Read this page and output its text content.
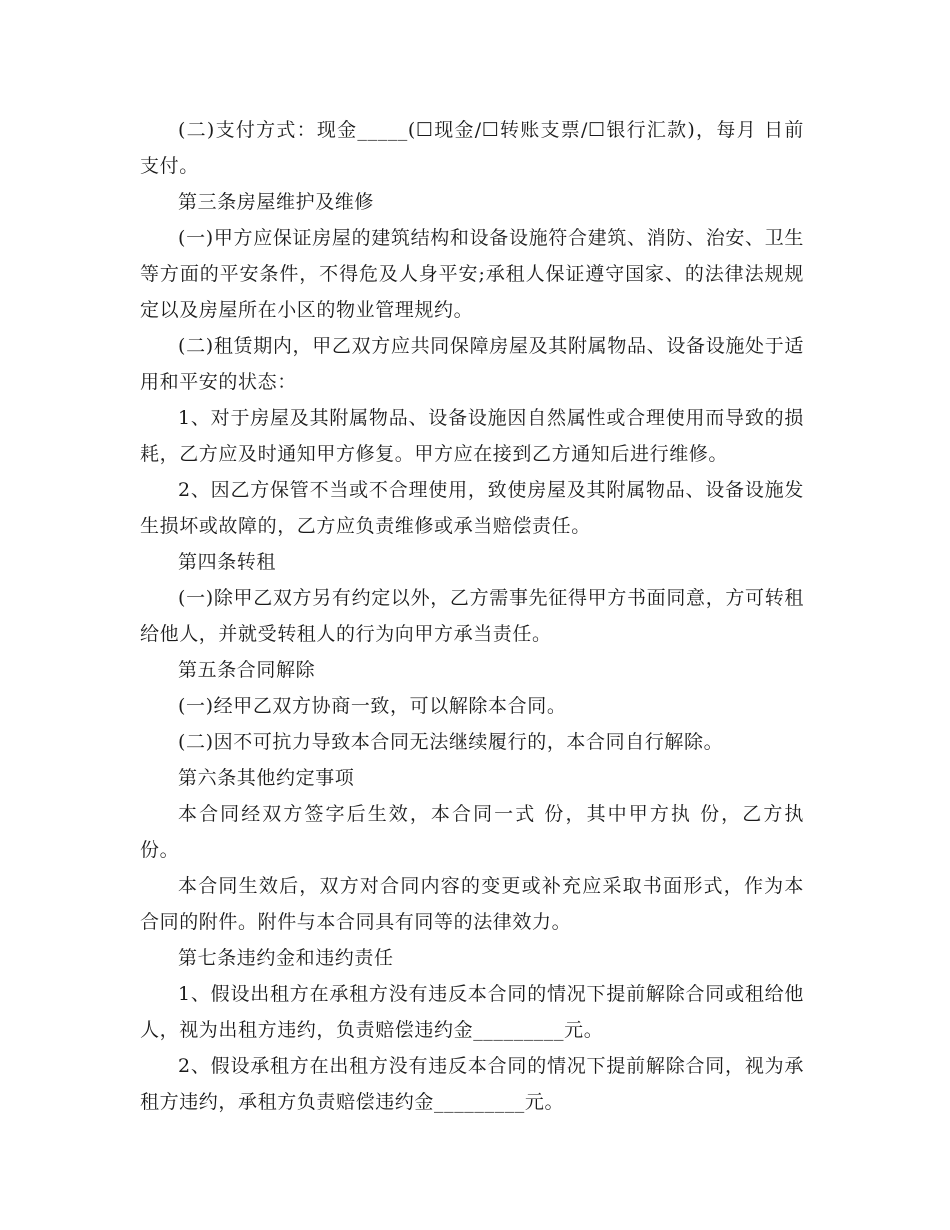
(二)支付方式：现金_____(☐现金/☐转账支票/☐银行汇款)，每月 日前支付。

第三条房屋维护及维修

(一)甲方应保证房屋的建筑结构和设备设施符合建筑、消防、治安、卫生等方面的平安条件，不得危及人身平安;承租人保证遵守国家、的法律法规规定以及房屋所在小区的物业管理规约。

(二)租赁期内，甲乙双方应共同保障房屋及其附属物品、设备设施处于适用和平安的状态：

1、对于房屋及其附属物品、设备设施因自然属性或合理使用而导致的损耗，乙方应及时通知甲方修复。甲方应在接到乙方通知后进行维修。

2、因乙方保管不当或不合理使用，致使房屋及其附属物品、设备设施发生损坏或故障的，乙方应负责维修或承当赔偿责任。

第四条转租

(一)除甲乙双方另有约定以外，乙方需事先征得甲方书面同意，方可转租给他人，并就受转租人的行为向甲方承当责任。

第五条合同解除

(一)经甲乙双方协商一致，可以解除本合同。

(二)因不可抗力导致本合同无法继续履行的，本合同自行解除。

第六条其他约定事项

本合同经双方签字后生效，本合同一式 份，其中甲方执 份，乙方执 份。

本合同生效后，双方对合同内容的变更或补充应采取书面形式，作为本合同的附件。附件与本合同具有同等的法律效力。

第七条违约金和违约责任

1、假设出租方在承租方没有违反本合同的情况下提前解除合同或租给他人，视为出租方违约，负责赔偿违约金_________元。

2、假设承租方在出租方没有违反本合同的情况下提前解除合同，视为承租方违约，承租方负责赔偿违约金_________元。
